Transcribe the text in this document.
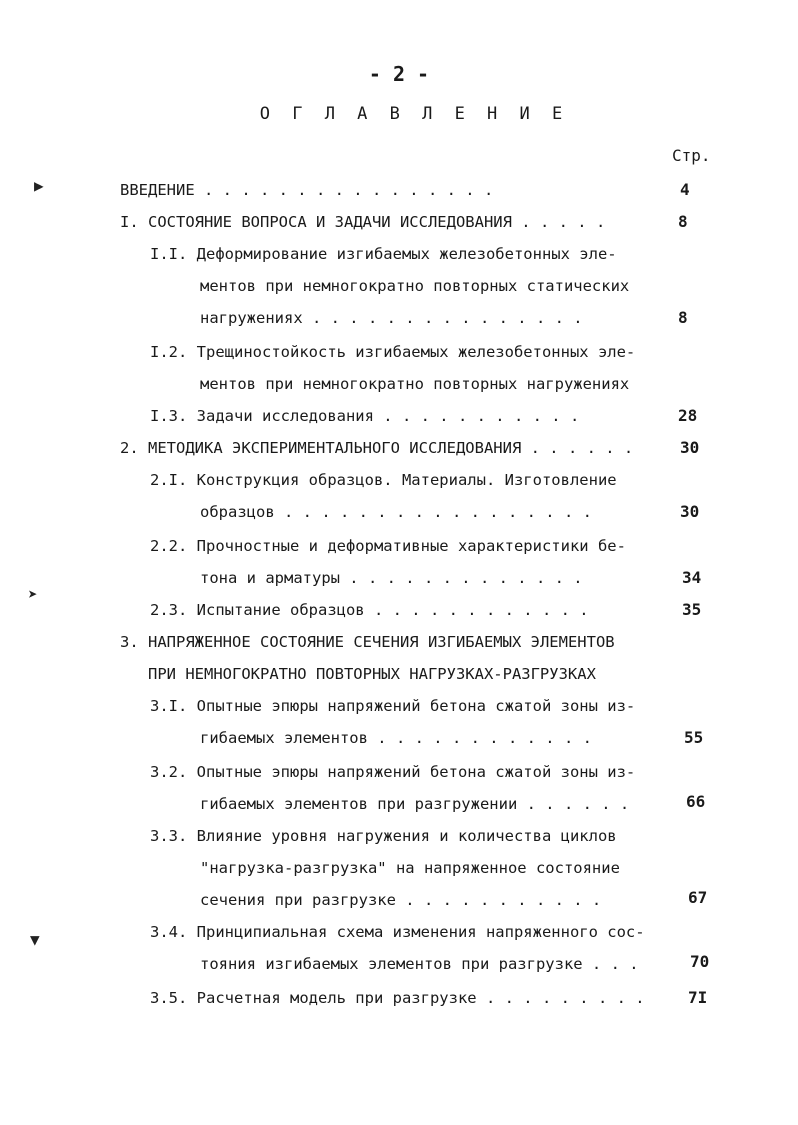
- 2 -
О Г Л А В Л Е Н И Е
Стр.
▶
➤
▼
ВВЕДЕНИЕ . . . . . . . . . . . . . . . .	4
I. СОСТОЯНИЕ ВОПРОСА И ЗАДАЧИ ИССЛЕДОВАНИЯ . . . . .	8
I.I. Деформирование изгибаемых железобетонных эле-
ментов при немногократно повторных статических
нагружениях . . . . . . . . . . . . . . .	8
I.2. Трещиностойкость изгибаемых железобетонных эле-
ментов при немногократно повторных нагружениях
I.3. Задачи исследования . . . . . . . . . . .	28
2. МЕТОДИКА ЭКСПЕРИМЕНТАЛЬНОГО ИССЛЕДОВАНИЯ . . . . . .	30
2.I. Конструкция образцов. Материалы. Изготовление
образцов . . . . . . . . . . . . . . . . .	30
2.2. Прочностные и деформативные характеристики бе-
тона и арматуры . . . . . . . . . . . . .	34
2.3. Испытание образцов . . . . . . . . . . . .	35
3. НАПРЯЖЕННОЕ СОСТОЯНИЕ СЕЧЕНИЯ ИЗГИБАЕМЫХ ЭЛЕМЕНТОВ
ПРИ НЕМНОГОКРАТНО ПОВТОРНЫХ НАГРУЗКАХ-РАЗГРУЗКАХ
3.I. Опытные эпюры напряжений бетона сжатой зоны из-
гибаемых элементов . . . . . . . . . . . .	55
3.2. Опытные эпюры напряжений бетона сжатой зоны из-
гибаемых элементов при разгружении . . . . . .	66
3.3. Влияние уровня нагружения и количества циклов
"нагрузка-разгрузка" на напряженное состояние
сечения при разгрузке . . . . . . . . . . .	67
3.4. Принципиальная схема изменения напряженного сос-
тояния изгибаемых элементов при разгрузке . . .	70
3.5. Расчетная модель при разгрузке . . . . . . . . .	7I
